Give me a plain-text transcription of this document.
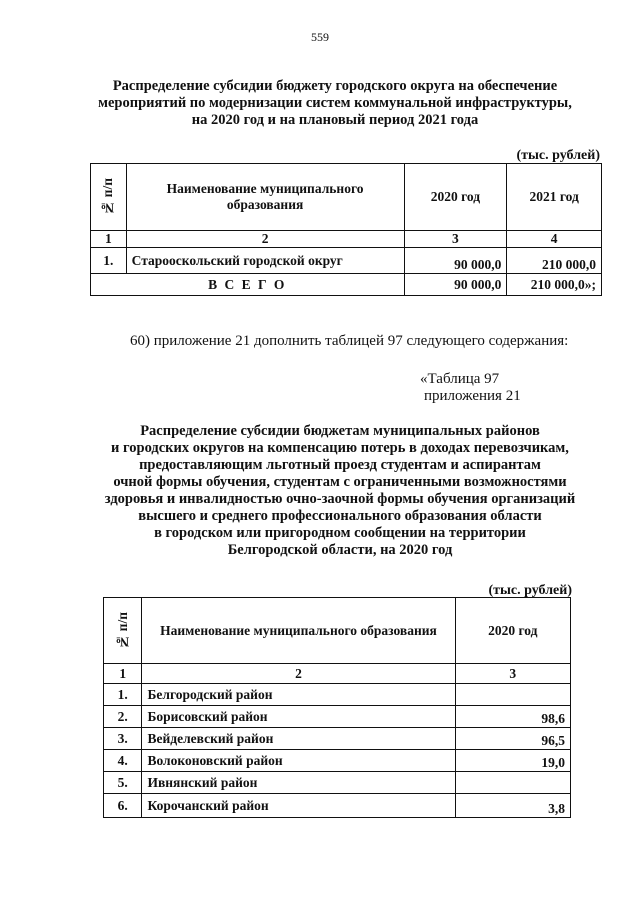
559
Распределение субсидии бюджету городского округа на обеспечение
мероприятий по модернизации систем коммунальной инфраструктуры,
на 2020 год и на плановый период 2021 года
(тыс. рублей)
№ п/п	Наименование муниципального образования	2020 год	2021 год
1	2	3	4
1.	Старооскольский городской округ	90 000,0	210 000,0
В С Е Г О		90 000,0	210 000,0»;
60) приложение 21 дополнить таблицей 97 следующего содержания:
«Таблица 97
приложения 21
Распределение субсидии бюджетам муниципальных районов
и городских округов на компенсацию потерь в доходах перевозчикам,
предоставляющим льготный проезд студентам и аспирантам
очной формы обучения, студентам с ограниченными возможностями
здоровья и инвалидностью очно-заочной формы обучения организаций
высшего и среднего профессионального образования области
в городском или пригородном сообщении на территории
Белгородской области, на 2020 год
(тыс. рублей)
№ п/п	Наименование муниципального образования	2020 год
1	2	3
1.	Белгородский район	
2.	Борисовский район	98,6
3.	Вейделевский район	96,5
4.	Волоконовский район	19,0
5.	Ивнянский район	
6.	Корочанский район	3,8
